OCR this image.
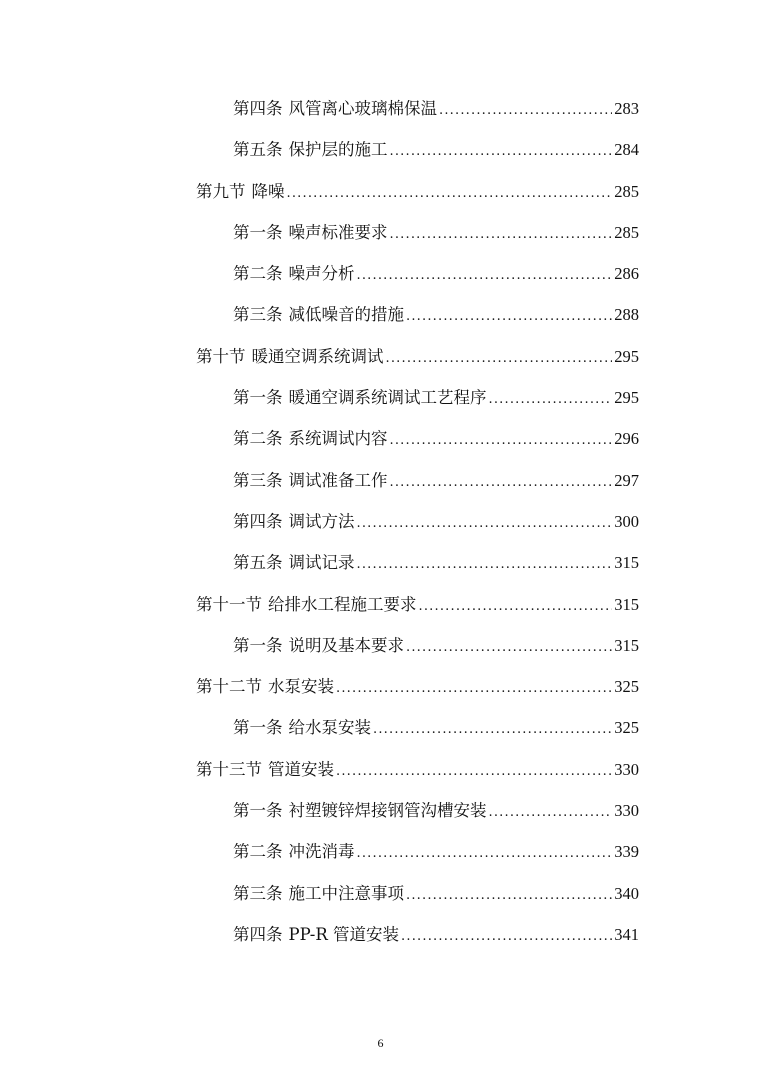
第四条 风管离心玻璃棉保温 .....	283
第五条 保护层的施工 .....	284
第九节 降噪 .....	285
第一条 噪声标准要求 .....	285
第二条 噪声分析 .....	286
第三条 减低噪音的措施 .....	288
第十节 暖通空调系统调试 .....	295
第一条 暖通空调系统调试工艺程序 .....	295
第二条 系统调试内容 .....	296
第三条 调试准备工作 .....	297
第四条 调试方法 .....	300
第五条 调试记录 .....	315
第十一节 给排水工程施工要求 .....	315
第一条 说明及基本要求 .....	315
第十二节 水泵安装 .....	325
第一条 给水泵安装 .....	325
第十三节 管道安装 .....	330
第一条 衬塑镀锌焊接钢管沟槽安装 .....	330
第二条 冲洗消毒 .....	339
第三条 施工中注意事项 .....	340
第四条 PP-R 管道安装 .....	341
6
